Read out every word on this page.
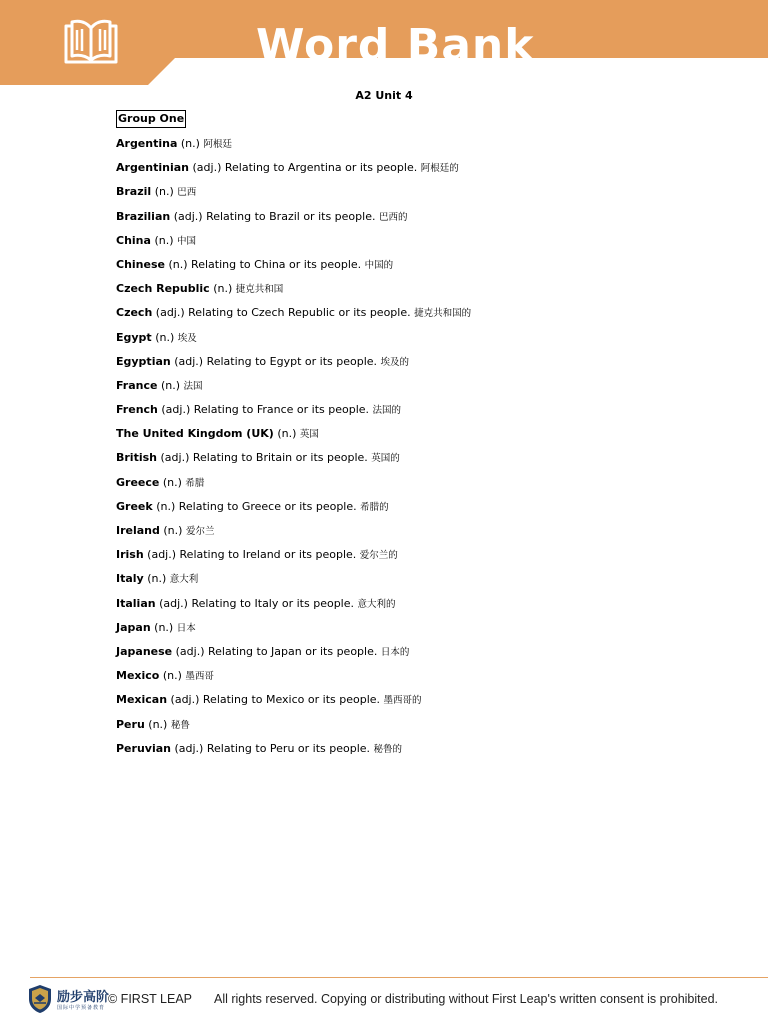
Word Bank
A2 Unit 4
Group One
Argentina (n.) 阿根廷
Argentinian (adj.) Relating to Argentina or its people. 阿根廷的
Brazil (n.) 巴西
Brazilian (adj.) Relating to Brazil or its people. 巴西的
China (n.) 中国
Chinese (n.) Relating to China or its people. 中国的
Czech Republic (n.) 捷克共和国
Czech (adj.) Relating to Czech Republic or its people. 捷克共和国的
Egypt (n.) 埃及
Egyptian (adj.) Relating to Egypt or its people. 埃及的
France (n.) 法国
French (adj.) Relating to France or its people. 法国的
The United Kingdom (UK) (n.) 英国
British (adj.) Relating to Britain or its people. 英国的
Greece (n.) 希腊
Greek (n.) Relating to Greece or its people. 希腊的
Ireland (n.) 爱尔兰
Irish (adj.) Relating to Ireland or its people. 爱尔兰的
Italy (n.) 意大利
Italian (adj.) Relating to Italy or its people. 意大利的
Japan (n.) 日本
Japanese (adj.) Relating to Japan or its people. 日本的
Mexico (n.) 墨西哥
Mexican (adj.) Relating to Mexico or its people. 墨西哥的
Peru (n.) 秘鲁
Peruvian (adj.) Relating to Peru or its people. 秘鲁的
励步高阶
国际中学预备教育
© FIRST LEAP All rights reserved. Copying or distributing without First Leap's written consent is prohibited.
